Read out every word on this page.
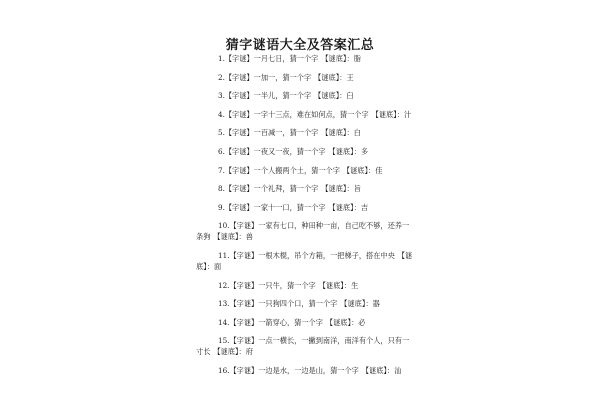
猜字谜语大全及答案汇总
1.【字谜】一月七日，猜一个字 【谜底】：脂
2.【字谜】一加一，猜一个字 【谜底】：王
3.【字谜】一半儿，猜一个字 【谜底】：臼
4.【字谜】一字十三点，难在如何点，猜一个字 【谜底】：汁
5.【字谜】一百减一，猜一个字 【谜底】：白
6.【字谜】一夜又一夜，猜一个字 【谜底】：多
7.【字谜】一个人搬两个土，猜一个字 【谜底】：佳
8.【字谜】一个礼拜，猜一个字 【谜底】：旨
9.【字谜】一家十一口，猜一个字 【谜底】：吉
10.【字谜】一家有七口，种田种一亩，自己吃不够，还养一条狗 【谜底】：兽
11.【字谜】一根木棍，吊个方箱，一把梯子，搭在中央 【谜底】：面
12.【字谜】一只牛，猜一个字 【谜底】：生
13.【字谜】一只狗四个口，猜一个字 【谜底】：器
14.【字谜】一箭穿心，猜一个字 【谜底】：必
15.【字谜】一点一横长，一撇到南洋，南洋有个人，只有一寸长 【谜底】：府
16.【字谜】一边是水，一边是山，猜一个字 【谜底】：汕
